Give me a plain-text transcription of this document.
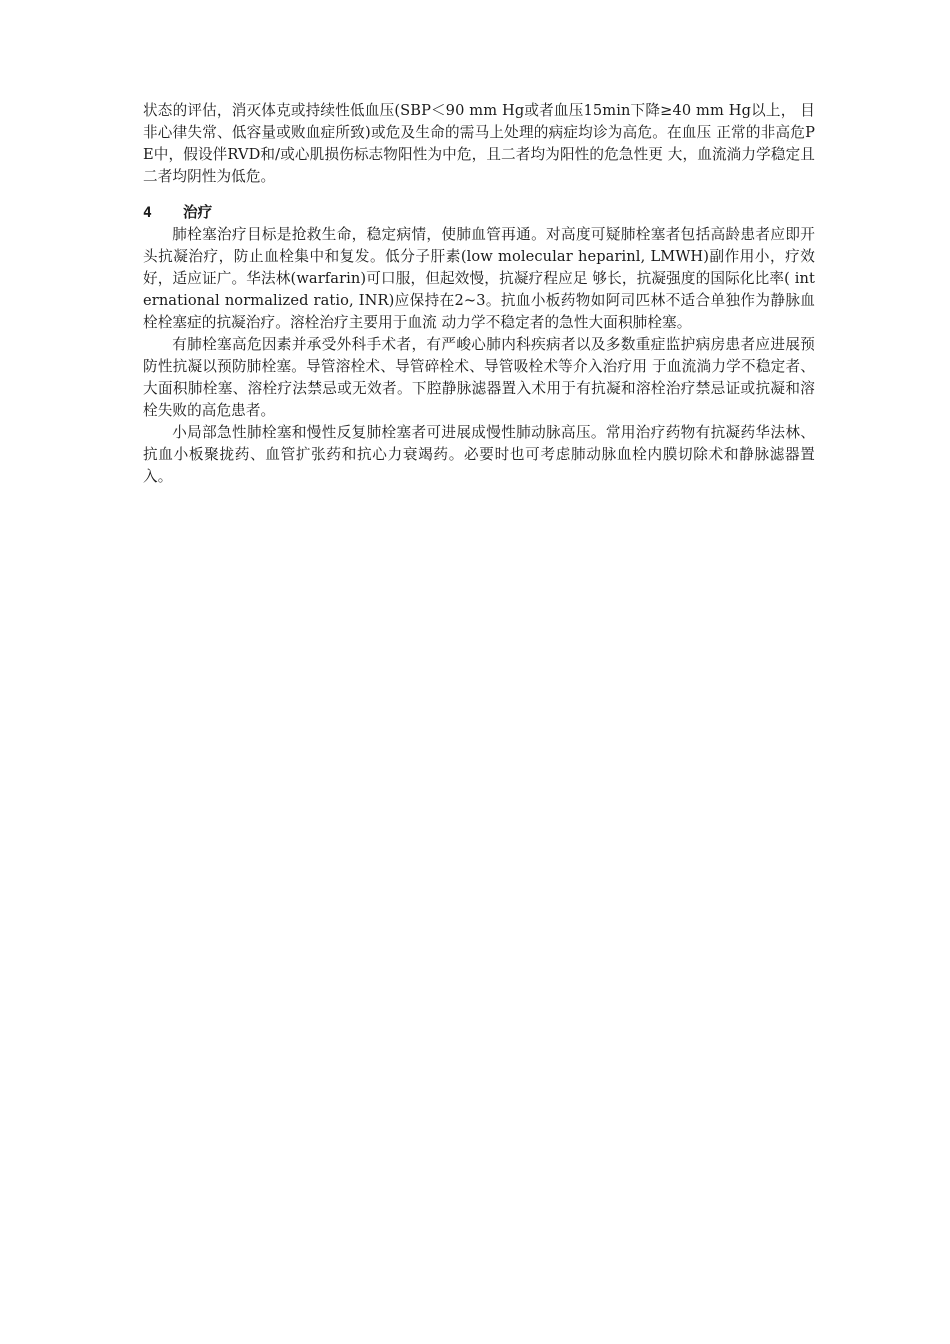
状态的评估，消灭体克或持续性低血压(SBP＜90 mm Hg或者血压15min下降≥40 mm Hg以上， 目非心律失常、低容量或败血症所致)或危及生命的需马上处理的病症均诊为高危。在血压 正常的非高危PE中，假设伴RVD和/或心肌损伤标志物阳性为中危，且二者均为阳性的危急性更 大，血流淌力学稳定且二者均阴性为低危。

4	治疗

肺栓塞治疗目标是抢救生命，稳定病情，使肺血管再通。对高度可疑肺栓塞者包括高龄患者应即开头抗凝治疗，防止血栓集中和复发。低分子肝素(low molecular heparinl, LMWH)副作用小，疗效好，适应证广。华法林(warfarin)可口服，但起效慢，抗凝疗程应足 够长，抗凝强度的国际化比率( international normalized ratio, INR)应保持在2~3。抗血小板药物如阿司匹林不适合单独作为静脉血栓栓塞症的抗凝治疗。溶栓治疗主要用于血流 动力学不稳定者的急性大面积肺栓塞。

有肺栓塞高危因素并承受外科手术者，有严峻心肺内科疾病者以及多数重症监护病房患者应进展预防性抗凝以预防肺栓塞。导管溶栓术、导管碎栓术、导管吸栓术等介入治疗用 于血流淌力学不稳定者、大面积肺栓塞、溶栓疗法禁忌或无效者。下腔静脉滤器置入术用于有抗凝和溶栓治疗禁忌证或抗凝和溶栓失败的高危患者。

小局部急性肺栓塞和慢性反复肺栓塞者可进展成慢性肺动脉高压。常用治疗药物有抗凝药华法林、抗血小板聚拢药、血管扩张药和抗心力衰竭药。必要时也可考虑肺动脉血栓内膜切除术和静脉滤器置入。
